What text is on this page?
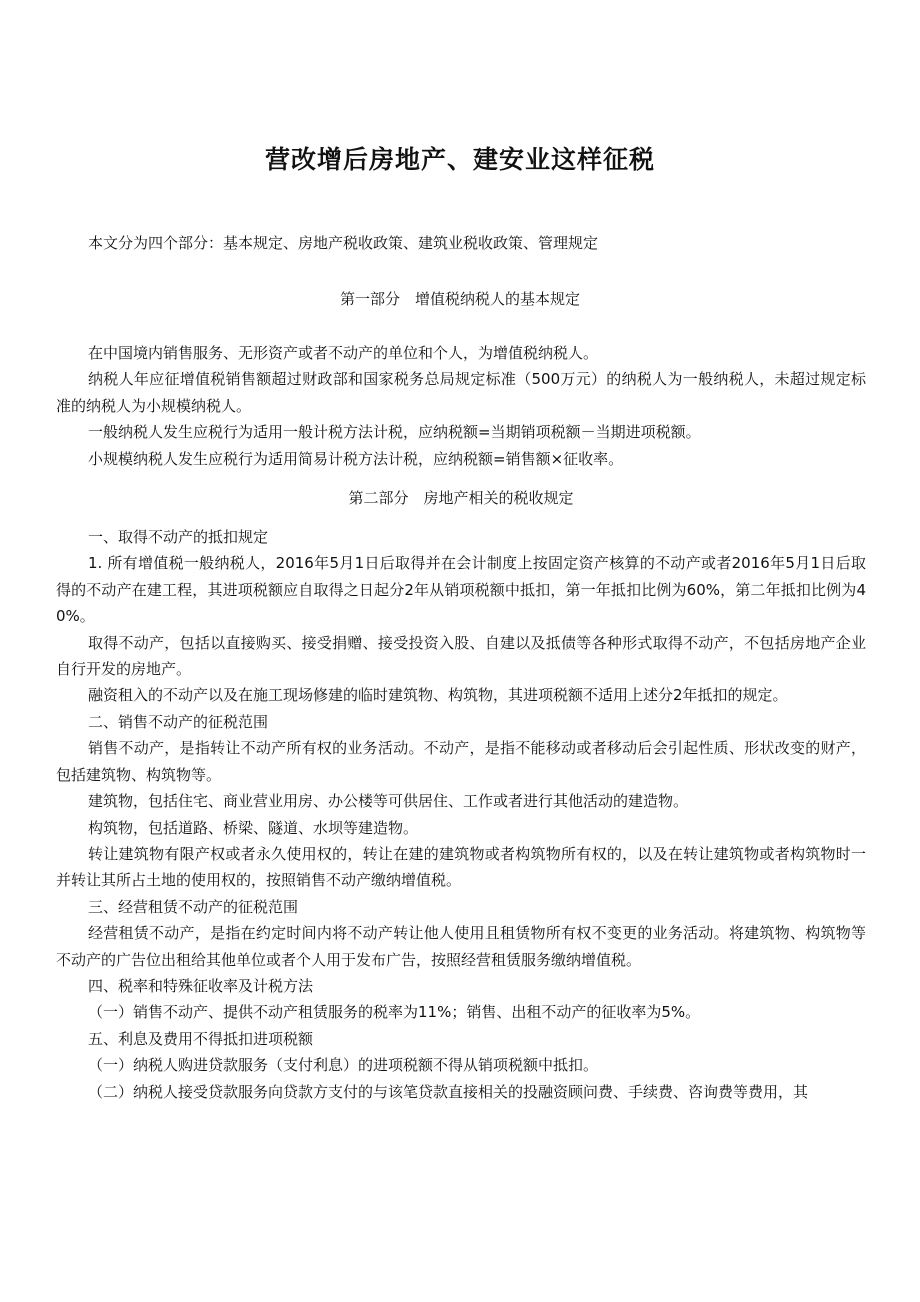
营改增后房地产、建安业这样征税
本文分为四个部分：基本规定、房地产税收政策、建筑业税收政策、管理规定
第一部分　增值税纳税人的基本规定

在中国境内销售服务、无形资产或者不动产的单位和个人，为增值税纳税人。

纳税人年应征增值税销售额超过财政部和国家税务总局规定标准（500万元）的纳税人为一般纳税人，未超过规定标准的纳税人为小规模纳税人。

一般纳税人发生应税行为适用一般计税方法计税，应纳税额=当期销项税额－当期进项税额。

小规模纳税人发生应税行为适用简易计税方法计税，应纳税额=销售额×征收率。

第二部分　房地产相关的税收规定

一、取得不动产的抵扣规定

1. 所有增值税一般纳税人，2016年5月1日后取得并在会计制度上按固定资产核算的不动产或者2016年5月1日后取得的不动产在建工程，其进项税额应自取得之日起分2年从销项税额中抵扣，第一年抵扣比例为60%，第二年抵扣比例为40%。

取得不动产，包括以直接购买、接受捐赠、接受投资入股、自建以及抵债等各种形式取得不动产，不包括房地产企业自行开发的房地产。

融资租入的不动产以及在施工现场修建的临时建筑物、构筑物，其进项税额不适用上述分2年抵扣的规定。

二、销售不动产的征税范围

销售不动产，是指转让不动产所有权的业务活动。不动产，是指不能移动或者移动后会引起性质、形状改变的财产，包括建筑物、构筑物等。

建筑物，包括住宅、商业营业用房、办公楼等可供居住、工作或者进行其他活动的建造物。

构筑物，包括道路、桥梁、隧道、水坝等建造物。

转让建筑物有限产权或者永久使用权的，转让在建的建筑物或者构筑物所有权的，以及在转让建筑物或者构筑物时一并转让其所占土地的使用权的，按照销售不动产缴纳增值税。

三、经营租赁不动产的征税范围

经营租赁不动产，是指在约定时间内将不动产转让他人使用且租赁物所有权不变更的业务活动。将建筑物、构筑物等不动产的广告位出租给其他单位或者个人用于发布广告，按照经营租赁服务缴纳增值税。

四、税率和特殊征收率及计税方法

（一）销售不动产、提供不动产租赁服务的税率为11%；销售、出租不动产的征收率为5%。

五、利息及费用不得抵扣进项税额

（一）纳税人购进贷款服务（支付利息）的进项税额不得从销项税额中抵扣。

（二）纳税人接受贷款服务向贷款方支付的与该笔贷款直接相关的投融资顾问费、手续费、咨询费等费用，其
